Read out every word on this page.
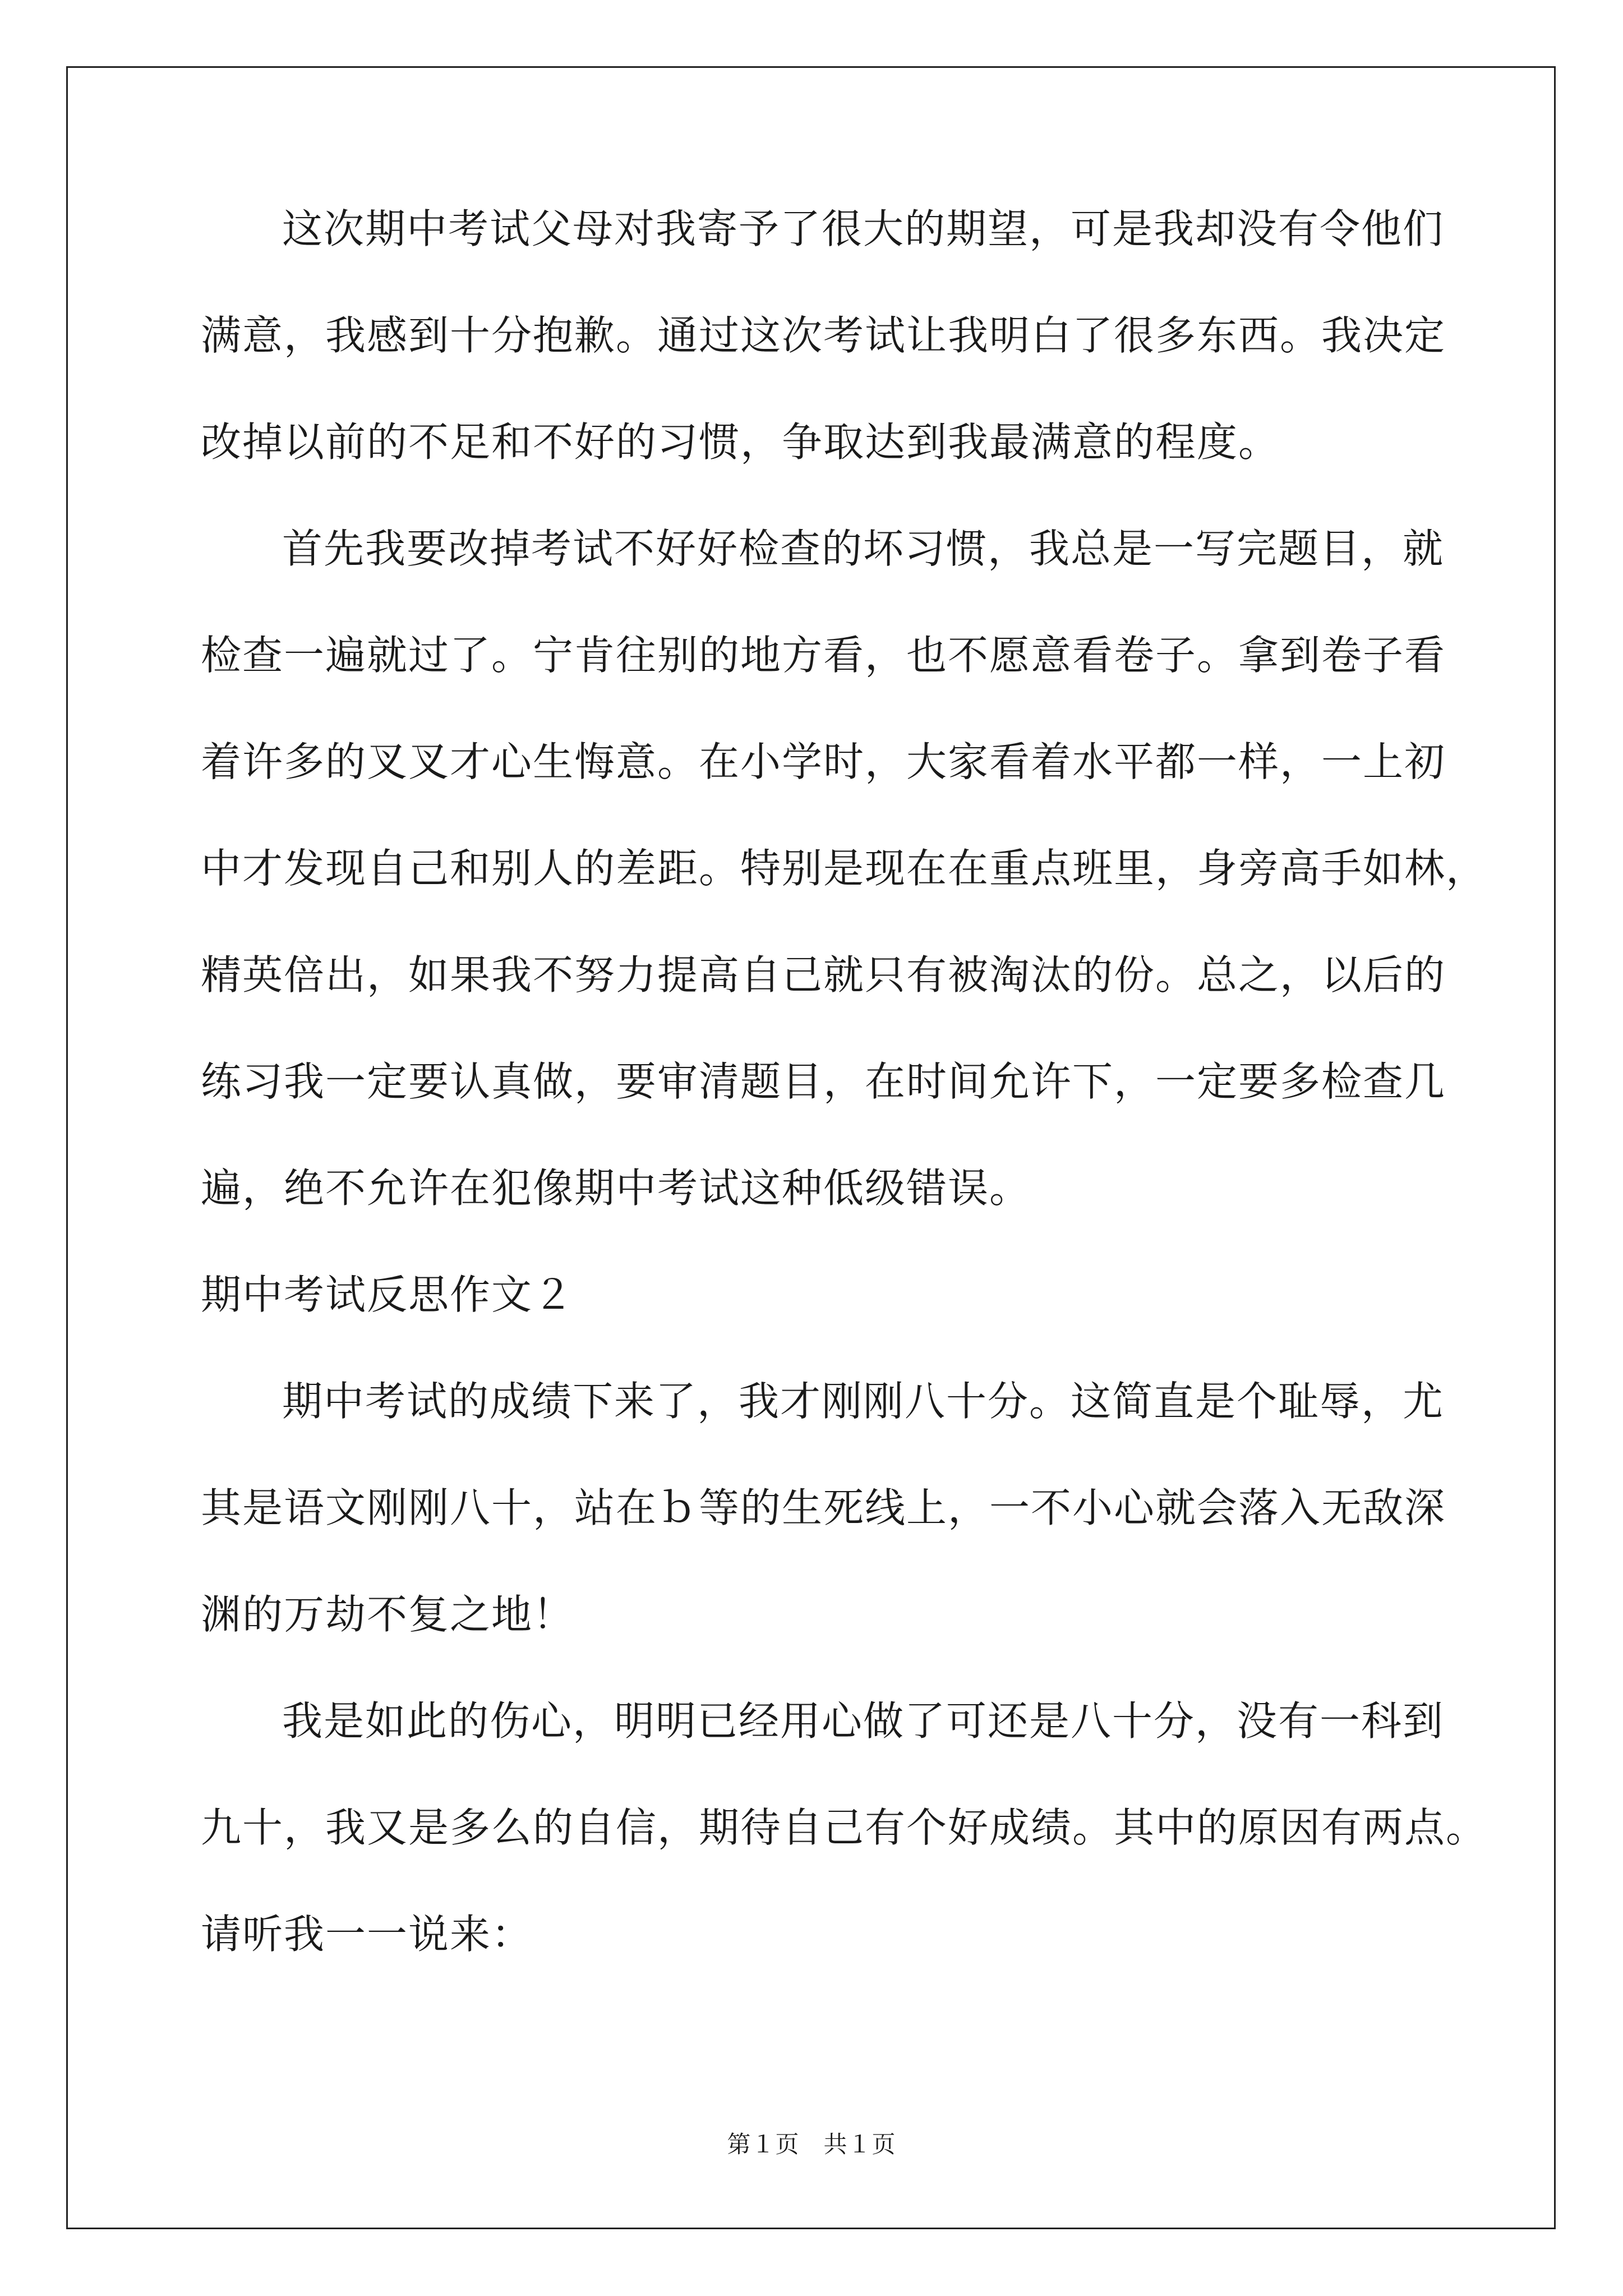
这次期中考试父母对我寄予了很大的期望，可是我却没有令他们
满意，我感到十分抱歉。通过这次考试让我明白了很多东西。我决定
改掉以前的不足和不好的习惯，争取达到我最满意的程度。
首先我要改掉考试不好好检查的坏习惯，我总是一写完题目，就
检查一遍就过了。宁肯往别的地方看，也不愿意看卷子。拿到卷子看
着许多的叉叉才心生悔意。在小学时，大家看着水平都一样，一上初
中才发现自己和别人的差距。特别是现在在重点班里，身旁高手如林，
精英倍出，如果我不努力提高自己就只有被淘汰的份。总之，以后的
练习我一定要认真做，要审清题目，在时间允许下，一定要多检查几
遍，绝不允许在犯像期中考试这种低级错误。
期中考试反思作文２
期中考试的成绩下来了，我才刚刚八十分。这简直是个耻辱，尤
其是语文刚刚八十，站在ｂ等的生死线上，一不小心就会落入无敌深
渊的万劫不复之地！
我是如此的伤心，明明已经用心做了可还是八十分，没有一科到
九十，我又是多么的自信，期待自己有个好成绩。其中的原因有两点。
请听我一一说来：
第１页　共１页
